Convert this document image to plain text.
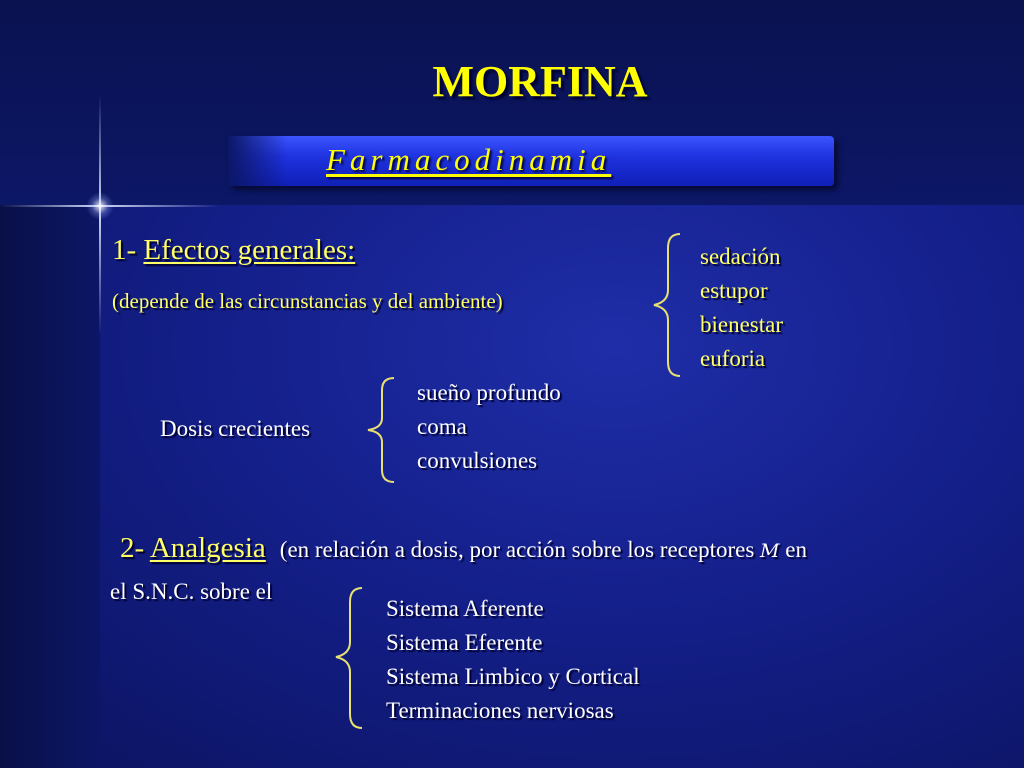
MORFINA
Farmacodinamia
1- Efectos generales:
(depende de las circunstancias y del ambiente)
sedación
estupor
bienestar
euforia
Dosis crecientes
sueño profundo
coma
convulsiones
2- Analgesia (en relación a dosis, por acción sobre los receptores M en
el S.N.C. sobre el
Sistema Aferente
Sistema Eferente
Sistema Limbico y Cortical
Terminaciones nerviosas
